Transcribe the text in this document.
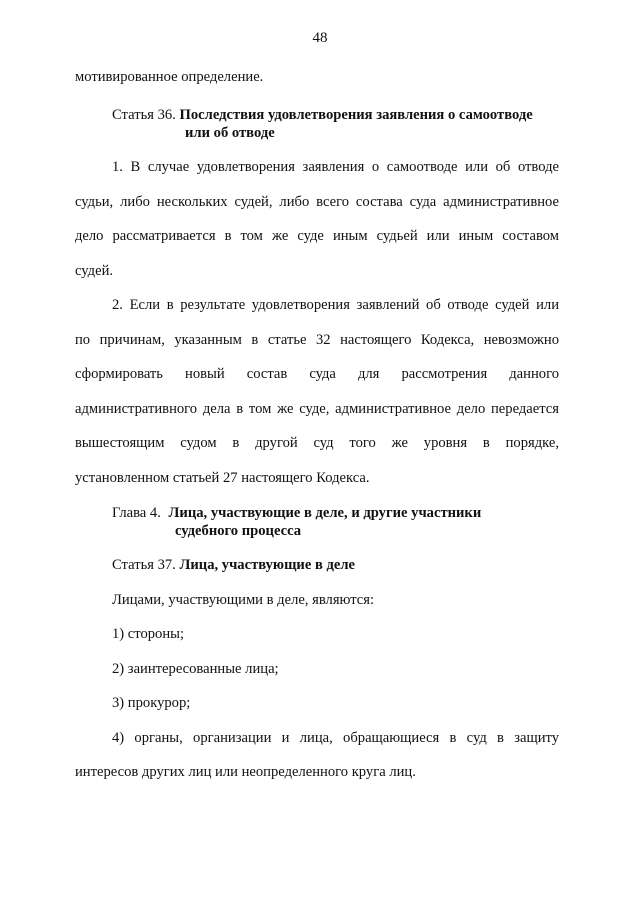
48
мотивированное определение.
Статья 36. Последствия удовлетворения заявления о самоотводе
или об отводе
1. В случае удовлетворения заявления о самоотводе или об отводе
судьи, либо нескольких судей, либо всего состава суда административное
дело рассматривается в том же суде иным судьей или иным составом
судей.
2. Если в результате удовлетворения заявлений об отводе судей или
по причинам, указанным в статье 32 настоящего Кодекса, невозможно
сформировать новый состав суда для рассмотрения данного
административного дела в том же суде, административное дело передается
вышестоящим судом в другой суд того же уровня в порядке,
установленном статьей 27 настоящего Кодекса.
Глава 4. Лица, участвующие в деле, и другие участники
судебного процесса
Статья 37. Лица, участвующие в деле
Лицами, участвующими в деле, являются:
1) стороны;
2) заинтересованные лица;
3) прокурор;
4) органы, организации и лица, обращающиеся в суд в защиту
интересов других лиц или неопределенного круга лиц.
